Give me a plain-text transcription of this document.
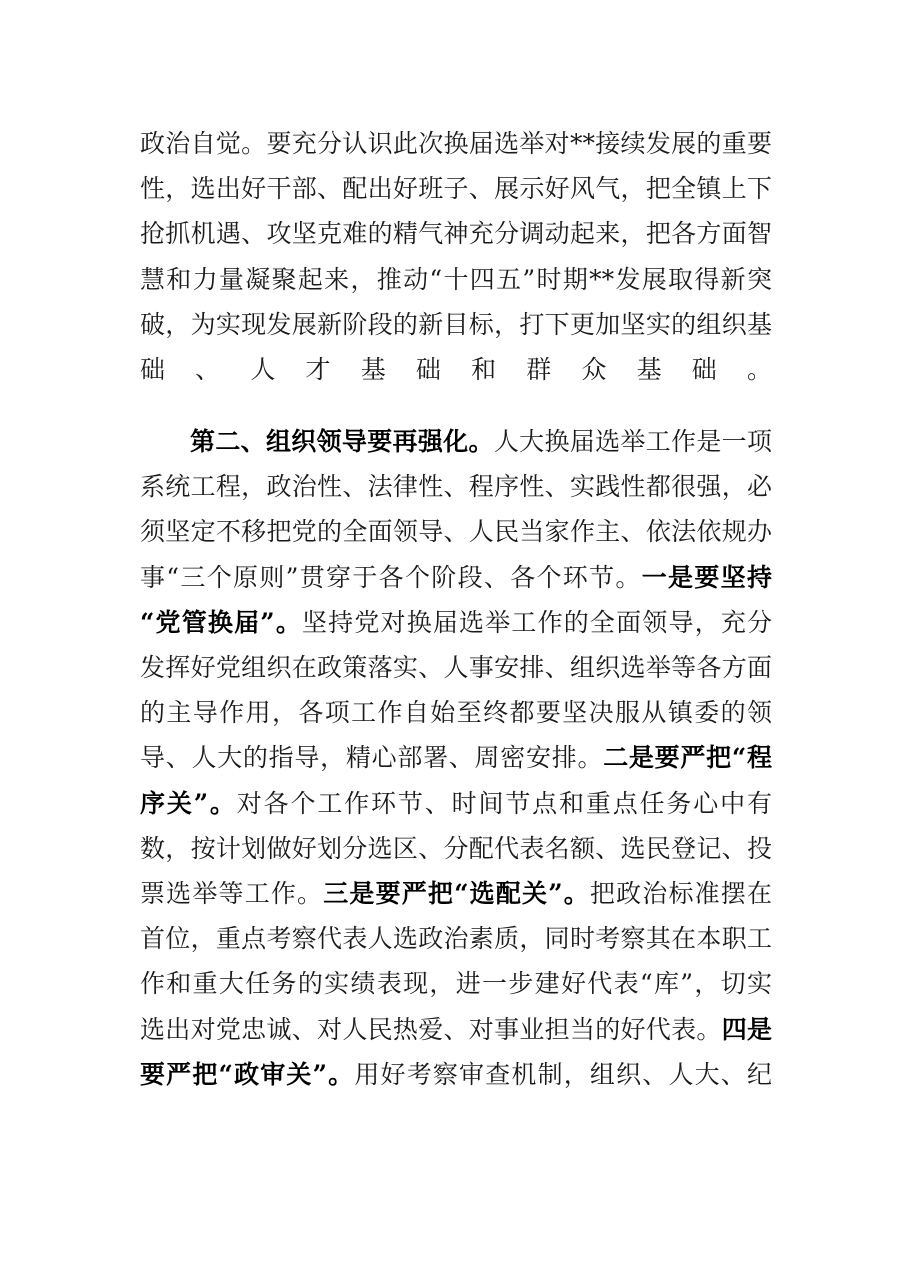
政治自觉。要充分认识此次换届选举对**接续发展的重要
性，选出好干部、配出好班子、展示好风气，把全镇上下
抢抓机遇、攻坚克难的精气神充分调动起来，把各方面智
慧和力量凝聚起来，推动“十四五”时期**发展取得新突
破，为实现发展新阶段的新目标，打下更加坚实的组织基
础、人才基础和群众基础。
第二、组织领导要再强化。人大换届选举工作是一项
系统工程，政治性、法律性、程序性、实践性都很强，必
须坚定不移把党的全面领导、人民当家作主、依法依规办
事“三个原则”贯穿于各个阶段、各个环节。一是要坚持
“党管换届”。坚持党对换届选举工作的全面领导，充分
发挥好党组织在政策落实、人事安排、组织选举等各方面
的主导作用，各项工作自始至终都要坚决服从镇委的领
导、人大的指导，精心部署、周密安排。二是要严把“程
序关”。对各个工作环节、时间节点和重点任务心中有
数，按计划做好划分选区、分配代表名额、选民登记、投
票选举等工作。三是要严把“选配关”。把政治标准摆在
首位，重点考察代表人选政治素质，同时考察其在本职工
作和重大任务的实绩表现，进一步建好代表“库”，切实
选出对党忠诚、对人民热爱、对事业担当的好代表。四是
要严把“政审关”。用好考察审查机制，组织、人大、纪
